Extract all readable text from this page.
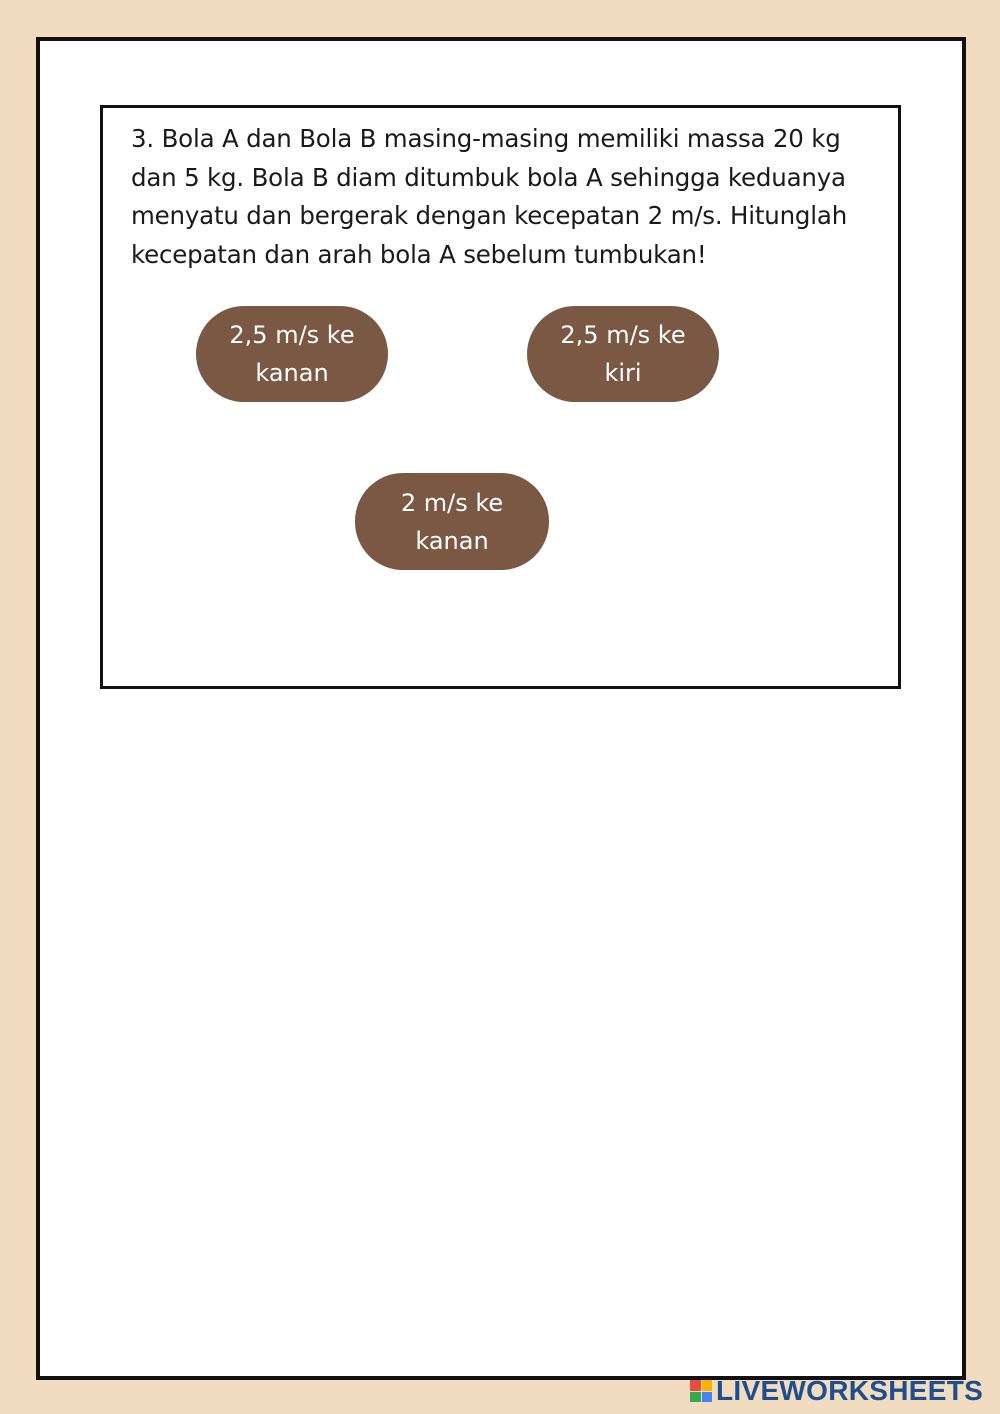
3. Bola A dan Bola B masing-masing memiliki massa 20 kg dan 5 kg. Bola B diam ditumbuk bola A sehingga keduanya menyatu dan bergerak dengan kecepatan 2 m/s. Hitunglah kecepatan dan arah bola A sebelum tumbukan!

2,5 m/s ke kanan
2,5 m/s ke kiri
2 m/s ke kanan
LIVEWORKSHEETS
